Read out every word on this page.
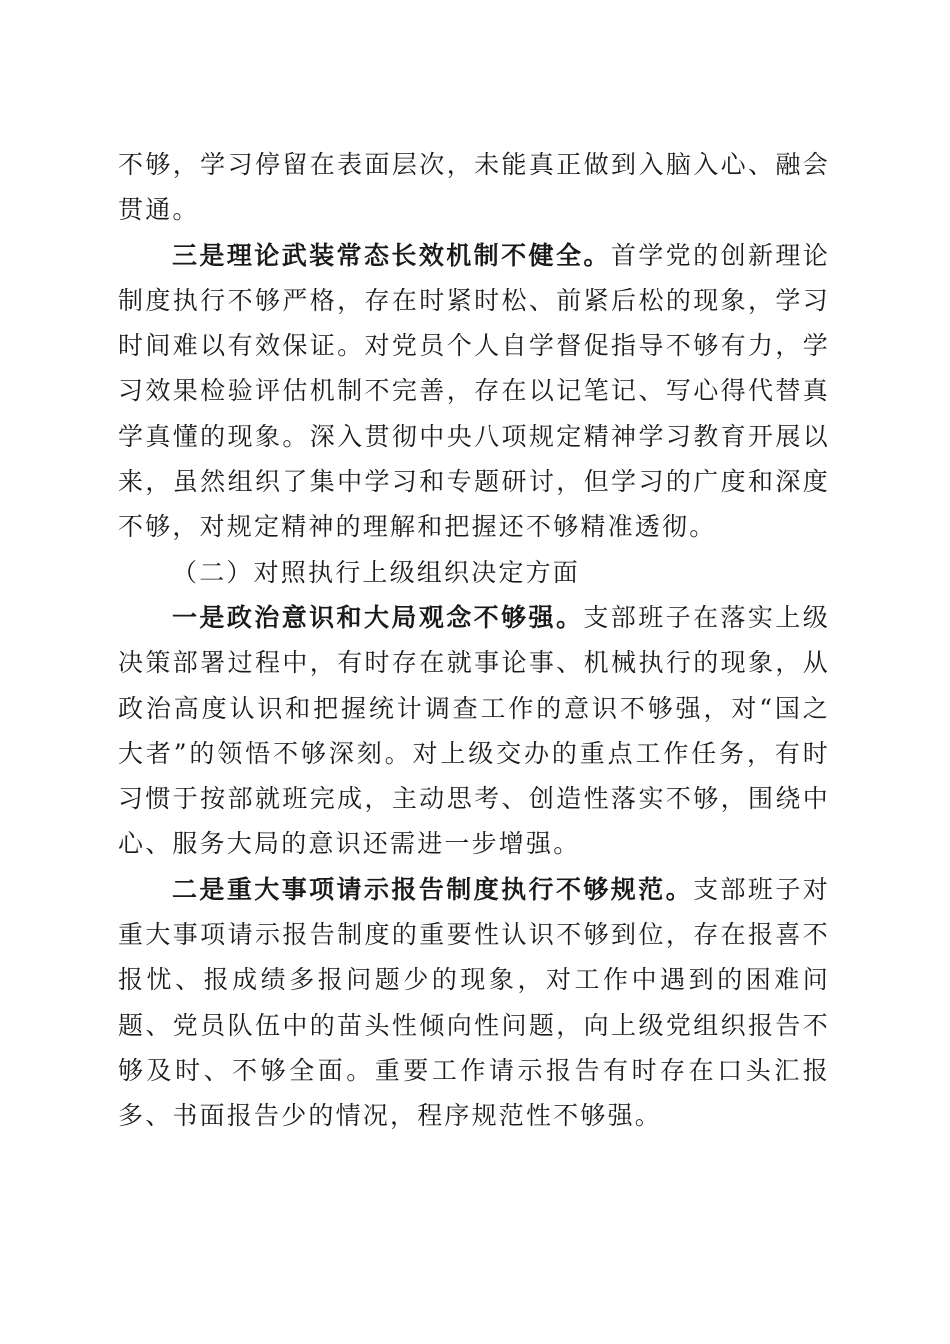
不够，学习停留在表面层次，未能真正做到入脑入心、融会贯通。

三是理论武装常态长效机制不健全。首学党的创新理论制度执行不够严格，存在时紧时松、前紧后松的现象，学习时间难以有效保证。对党员个人自学督促指导不够有力，学习效果检验评估机制不完善，存在以记笔记、写心得代替真学真懂的现象。深入贯彻中央八项规定精神学习教育开展以来，虽然组织了集中学习和专题研讨，但学习的广度和深度不够，对规定精神的理解和把握还不够精准透彻。

（二）对照执行上级组织决定方面

一是政治意识和大局观念不够强。支部班子在落实上级决策部署过程中，有时存在就事论事、机械执行的现象，从政治高度认识和把握统计调查工作的意识不够强，对“国之大者”的领悟不够深刻。对上级交办的重点工作任务，有时习惯于按部就班完成，主动思考、创造性落实不够，围绕中心、服务大局的意识还需进一步增强。

二是重大事项请示报告制度执行不够规范。支部班子对重大事项请示报告制度的重要性认识不够到位，存在报喜不报忧、报成绩多报问题少的现象，对工作中遇到的困难问题、党员队伍中的苗头性倾向性问题，向上级党组织报告不够及时、不够全面。重要工作请示报告有时存在口头汇报多、书面报告少的情况，程序规范性不够强。
